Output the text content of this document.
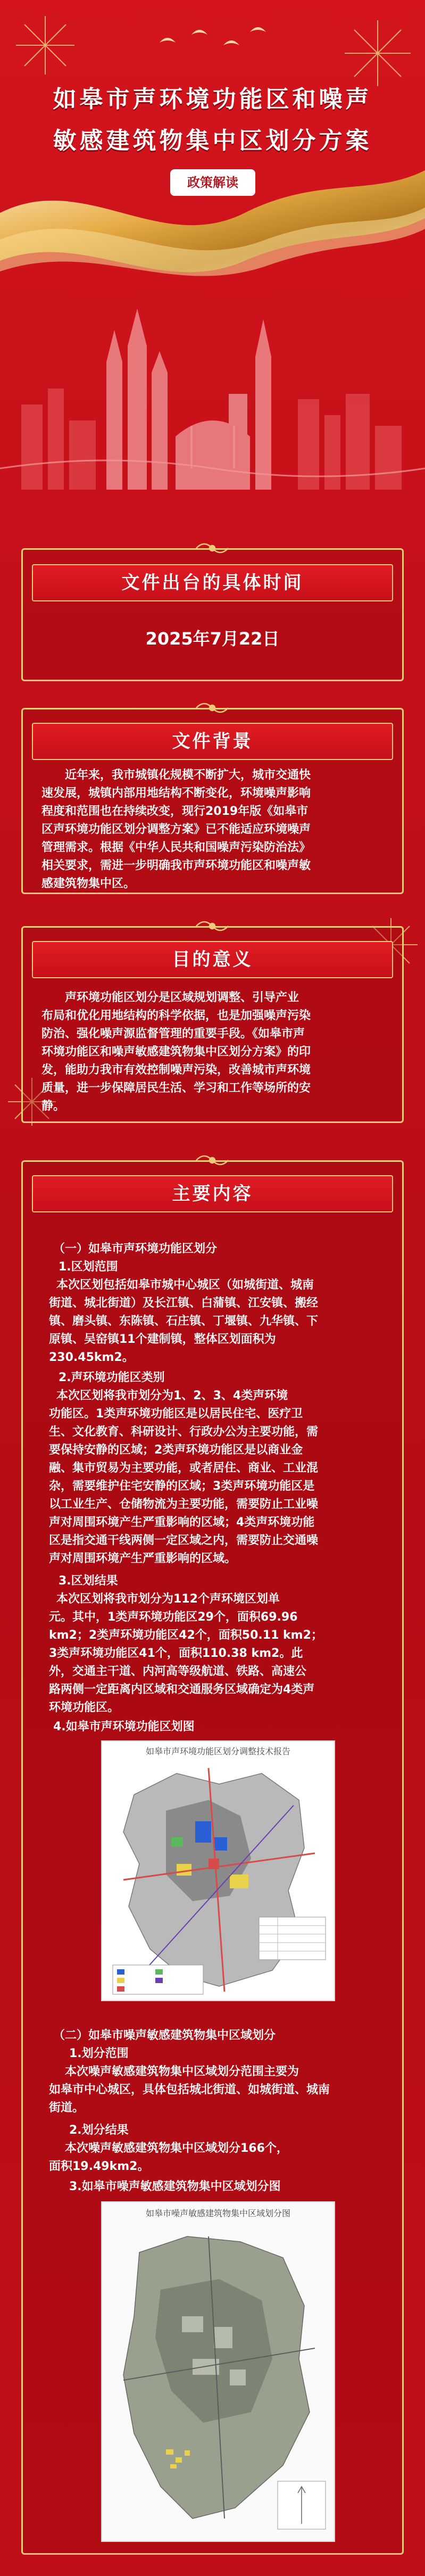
如皋市声环境功能区和噪声
敏感建筑物集中区划分方案
政策解读
文件出台的具体时间
2025年7月22日
文件背景
近年来，我市城镇化规模不断扩大，城市交通快
速发展，城镇内部用地结构不断变化，环境噪声影响
程度和范围也在持续改变，现行2019年版《如皋市
区声环境功能区划分调整方案》已不能适应环境噪声
管理需求。根据《中华人民共和国噪声污染防治法》
相关要求，需进一步明确我市声环境功能区和噪声敏
感建筑物集中区。
目的意义
声环境功能区划分是区域规划调整、引导产业
布局和优化用地结构的科学依据，也是加强噪声污染
防治、强化噪声源监督管理的重要手段。《如皋市声
环境功能区和噪声敏感建筑物集中区划分方案》的印
发，能助力我市有效控制噪声污染，改善城市声环境
质量，进一步保障居民生活、学习和工作等场所的安
静。
主要内容
（一）如皋市声环境功能区划分
1.区划范围
本次区划包括如皋市城中心城区（如城街道、城南
街道、城北街道）及长江镇、白蒲镇、江安镇、搬经
镇、磨头镇、东陈镇、石庄镇、丁堰镇、九华镇、下
原镇、吴窑镇11个建制镇，整体区划面积为
230.45km2。
2.声环境功能区类别
本次区划将我市划分为1、2、3、4类声环境
功能区。1类声环境功能区是以居民住宅、医疗卫
生、文化教育、科研设计、行政办公为主要功能，需
要保持安静的区域；2类声环境功能区是以商业金
融、集市贸易为主要功能，或者居住、商业、工业混
杂，需要维护住宅安静的区域；3类声环境功能区是
以工业生产、仓储物流为主要功能，需要防止工业噪
声对周围环境产生严重影响的区域；4类声环境功能
区是指交通干线两侧一定区域之内，需要防止交通噪
声对周围环境产生严重影响的区域。
3.区划结果
本次区划将我市划分为112个声环境区划单
元。其中，1类声环境功能区29个，面积69.96
km2；2类声环境功能区42个，面积50.11 km2；
3类声环境功能区41个，面积110.38 km2。此
外，交通主干道、内河高等级航道、铁路、高速公
路两侧一定距离内区域和交通服务区域确定为4类声
环境功能区。
4.如皋市声环境功能区划图
如皋市声环境功能区划分调整技术报告
（二）如皋市噪声敏感建筑物集中区域划分
1.划分范围
本次噪声敏感建筑物集中区域划分范围主要为
如皋市中心城区，具体包括城北街道、如城街道、城南
街道。
2.划分结果
本次噪声敏感建筑物集中区域划分166个，
面积19.49km2。
3.如皋市噪声敏感建筑物集中区域划分图
如皋市噪声敏感建筑物集中区域划分图
